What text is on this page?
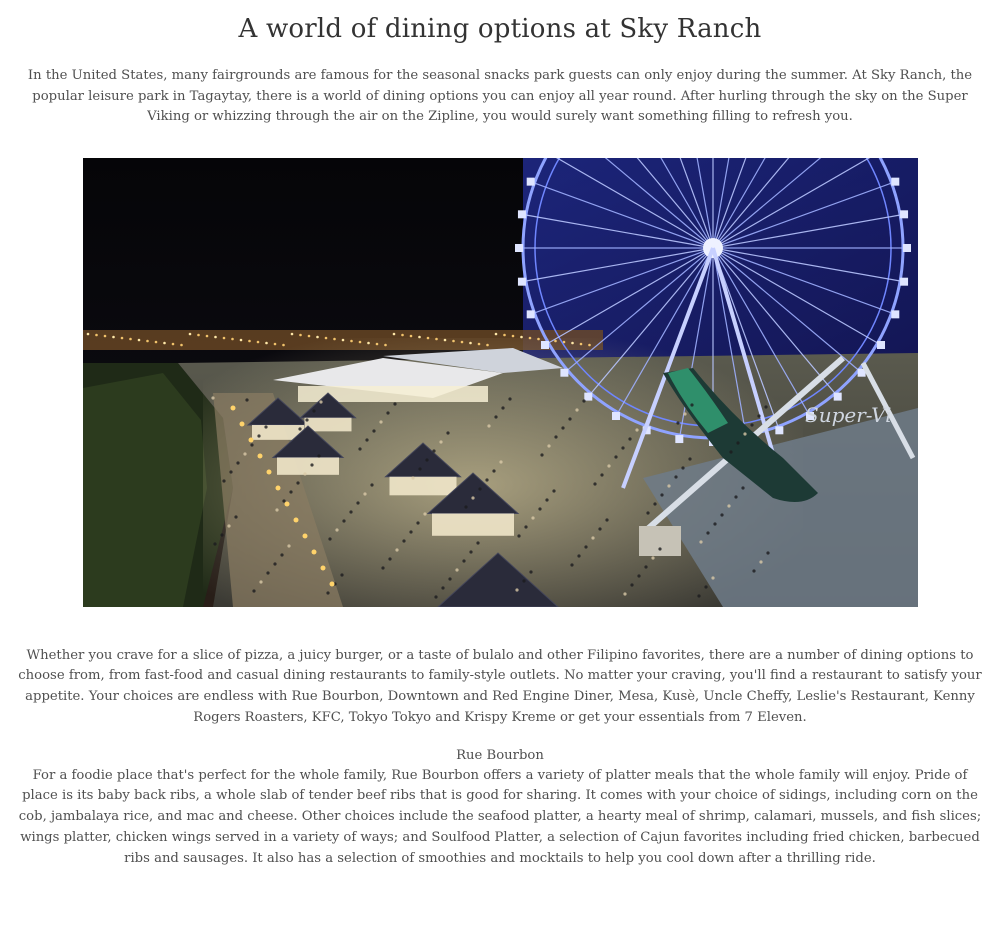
A world of dining options at Sky Ranch

In the United States, many fairgrounds are famous for the seasonal snacks park guests can only enjoy during the summer. At Sky Ranch, the popular leisure park in Tagaytay, there is a world of dining options you can enjoy all year round. After hurling through the sky on the Super Viking or whizzing through the air on the Zipline, you would surely want something filling to refresh you.

Super-Vi

Whether you crave for a slice of pizza, a juicy burger, or a taste of bulalo and other Filipino favorites, there are a number of dining options to choose from, from fast-food and casual dining restaurants to family-style outlets. No matter your craving, you'll find a restaurant to satisfy your appetite. Your choices are endless with Rue Bourbon, Downtown and Red Engine Diner, Mesa, Kusè, Uncle Cheffy, Leslie's Restaurant, Kenny Rogers Roasters, KFC, Tokyo Tokyo and Krispy Kreme or get your essentials from 7 Eleven.

Rue Bourbon

For a foodie place that's perfect for the whole family, Rue Bourbon offers a variety of platter meals that the whole family will enjoy. Pride of place is its baby back ribs, a whole slab of tender beef ribs that is good for sharing. It comes with your choice of sidings, including corn on the cob, jambalaya rice, and mac and cheese. Other choices include the seafood platter, a hearty meal of shrimp, calamari, mussels, and fish slices; wings platter, chicken wings served in a variety of ways; and Soulfood Platter, a selection of Cajun favorites including fried chicken, barbecued ribs and sausages. It also has a selection of smoothies and mocktails to help you cool down after a thrilling ride.
